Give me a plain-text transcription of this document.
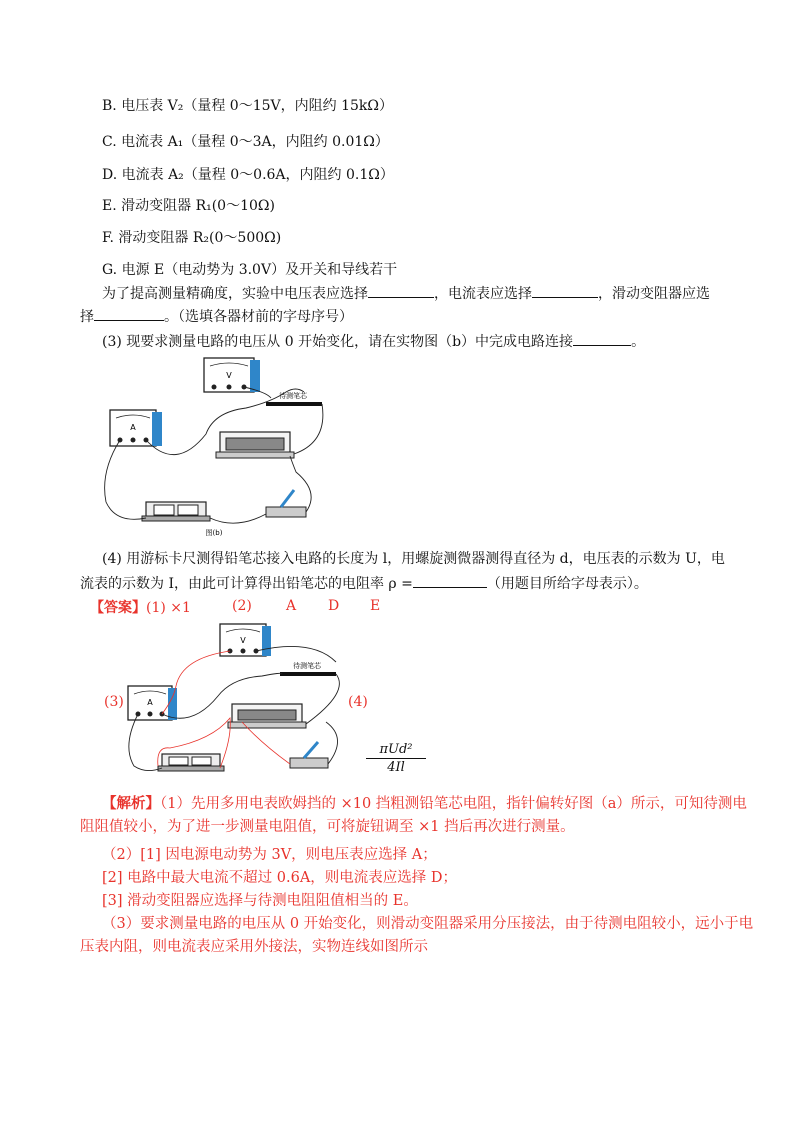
B. 电压表 V₂（量程 0～15V，内阻约 15kΩ）
C. 电流表 A₁（量程 0～3A，内阻约 0.01Ω）
D. 电流表 A₂（量程 0～0.6A，内阻约 0.1Ω）
E. 滑动变阻器 R₁(0～10Ω)
F. 滑动变阻器 R₂(0～500Ω)
G. 电源 E（电动势为 3.0V）及开关和导线若干
为了提高测量精确度，实验中电压表应选择	，电流表应选择	，滑动变阻器应选
择	。（选填各器材前的字母序号）
(3) 现要求测量电路的电压从 0 开始变化，请在实物图（b）中完成电路连接	。
V
A
待测笔芯
图(b)
(4) 用游标卡尺测得铅笔芯接入电路的长度为 l，用螺旋测微器测得直径为 d，电压表的示数为 U，电
流表的示数为 I，由此可计算得出铅笔芯的电阻率 ρ =	（用题目所给字母表示）。
【答案】(1) ×1	(2) A D E
(3)	(4)
V
A
待测笔芯
πUd²
4Il
【解析】（1）先用多用电表欧姆挡的 ×10 挡粗测铅笔芯电阻，指针偏转好图（a）所示，可知待测电
阻阻值较小，为了进一步测量电阻值，可将旋钮调至 ×1 挡后再次进行测量。
（2）[1] 因电源电动势为 3V，则电压表应选择 A；
[2] 电路中最大电流不超过 0.6A，则电流表应选择 D；
[3] 滑动变阻器应选择与待测电阻阻值相当的 E。
（3）要求测量电路的电压从 0 开始变化，则滑动变阻器采用分压接法，由于待测电阻较小，远小于电
压表内阻，则电流表应采用外接法，实物连线如图所示
